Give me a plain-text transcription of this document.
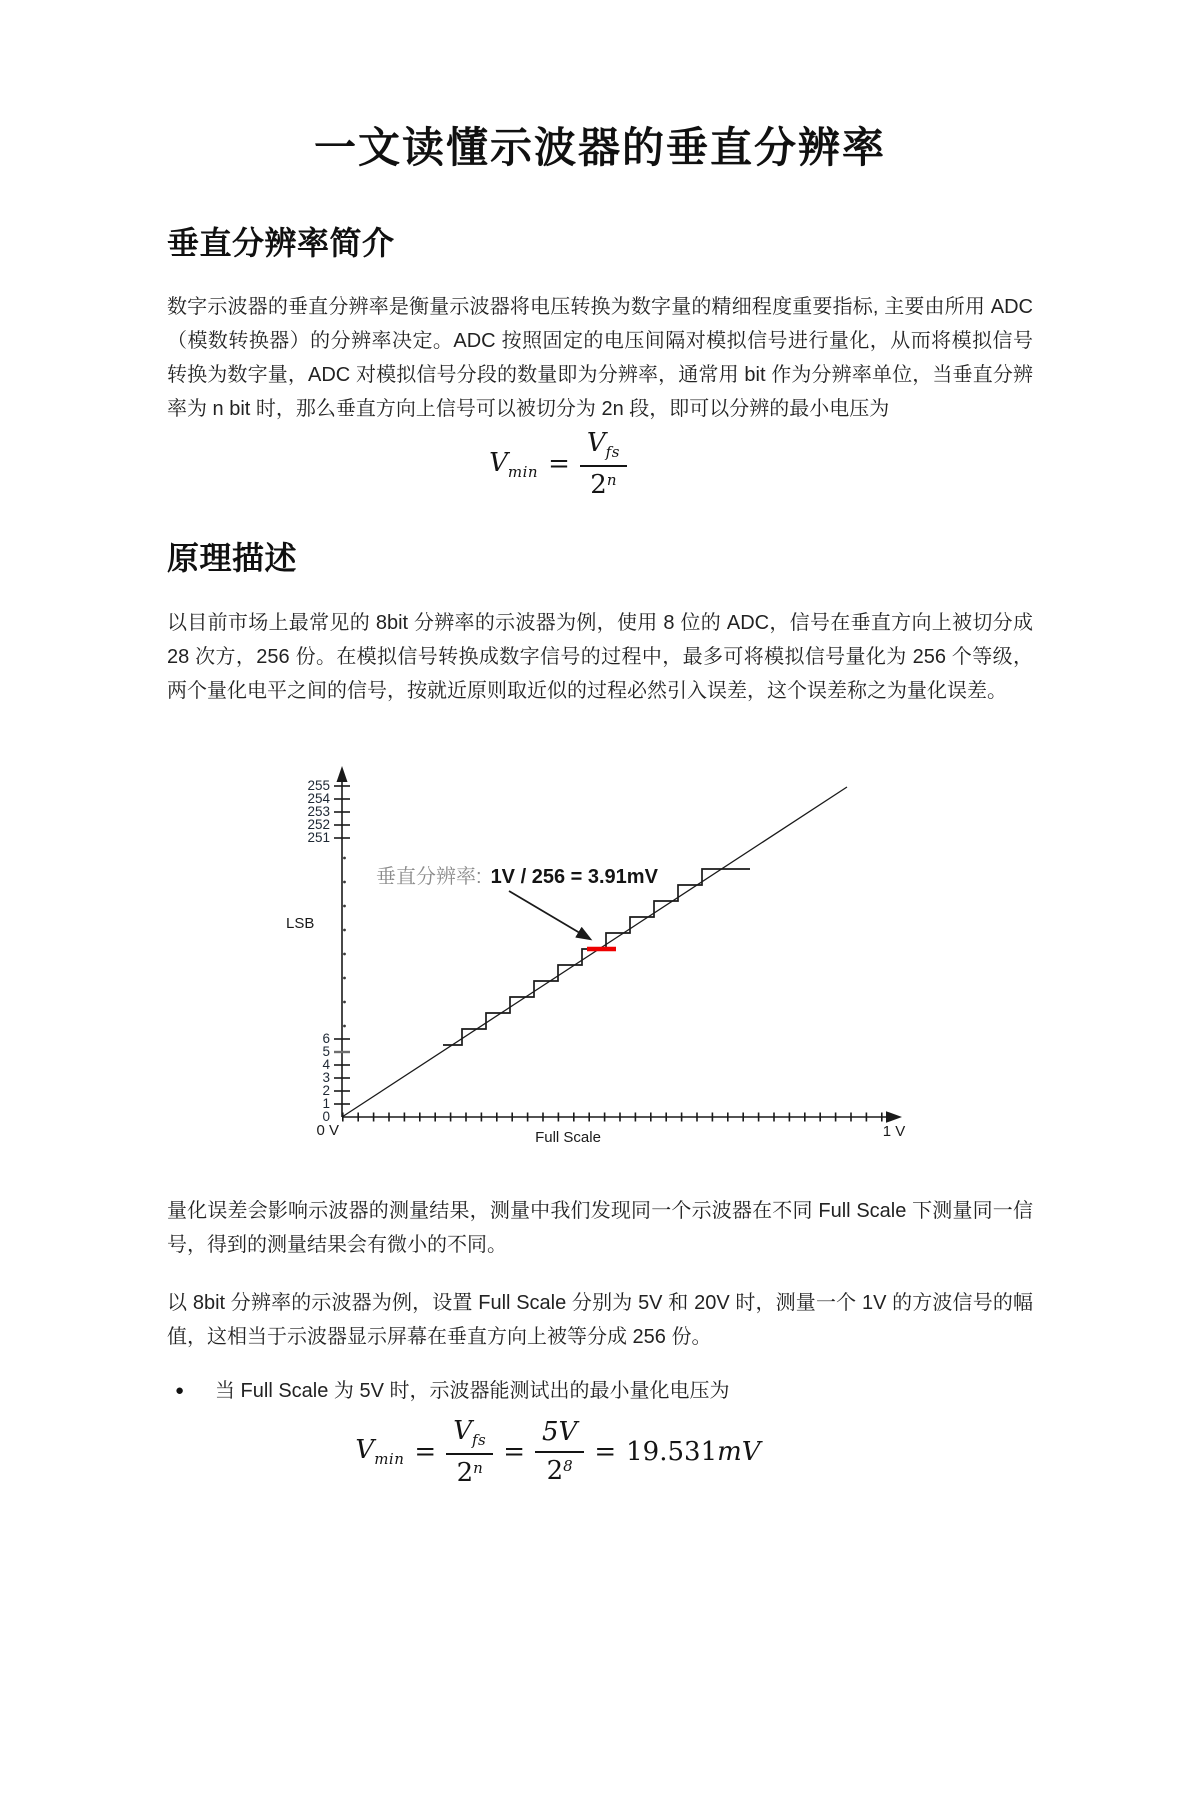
一文读懂示波器的垂直分辨率
垂直分辨率简介

数字示波器的垂直分辨率是衡量示波器将电压转换为数字量的精细程度重要指标, 主要由所用 ADC（模数转换器）的分辨率决定。ADC 按照固定的电压间隔对模拟信号进行量化，从而将模拟信号转换为数字量，ADC 对模拟信号分段的数量即为分辨率，通常用 bit 作为分辨率单位，当垂直分辨率为 n bit 时，那么垂直方向上信号可以被切分为 2n 段，即可以分辨的最小电压为

$V_{min} = \frac{V_{fs}}{2^n}$
原理描述

以目前市场上最常见的 8bit 分辨率的示波器为例，使用 8 位的 ADC，信号在垂直方向上被切分成 28 次方，256 份。在模拟信号转换成数字信号的过程中，最多可将模拟信号量化为 256 个等级，两个量化电平之间的信号，按就近原则取近似的过程必然引入误差，这个误差称之为量化误差。

255
254
253
252
251
6
5
4
3
2
1
0
LSB
垂直分辨率: 1V / 256 = 3.91mV
0 V	1 V
Full Scale

量化误差会影响示波器的测量结果，测量中我们发现同一个示波器在不同 Full Scale 下测量同一信号，得到的测量结果会有微小的不同。

以 8bit 分辨率的示波器为例，设置 Full Scale 分别为 5V 和 20V 时，测量一个 1V 的方波信号的幅值，这相当于示波器显示屏幕在垂直方向上被等分成 256 份。

●	当 Full Scale 为 5V 时，示波器能测试出的最小量化电压为
$V_{min} = \frac{V_{fs}}{2^n} = \frac{5V}{2^8} = 19.531mV$
